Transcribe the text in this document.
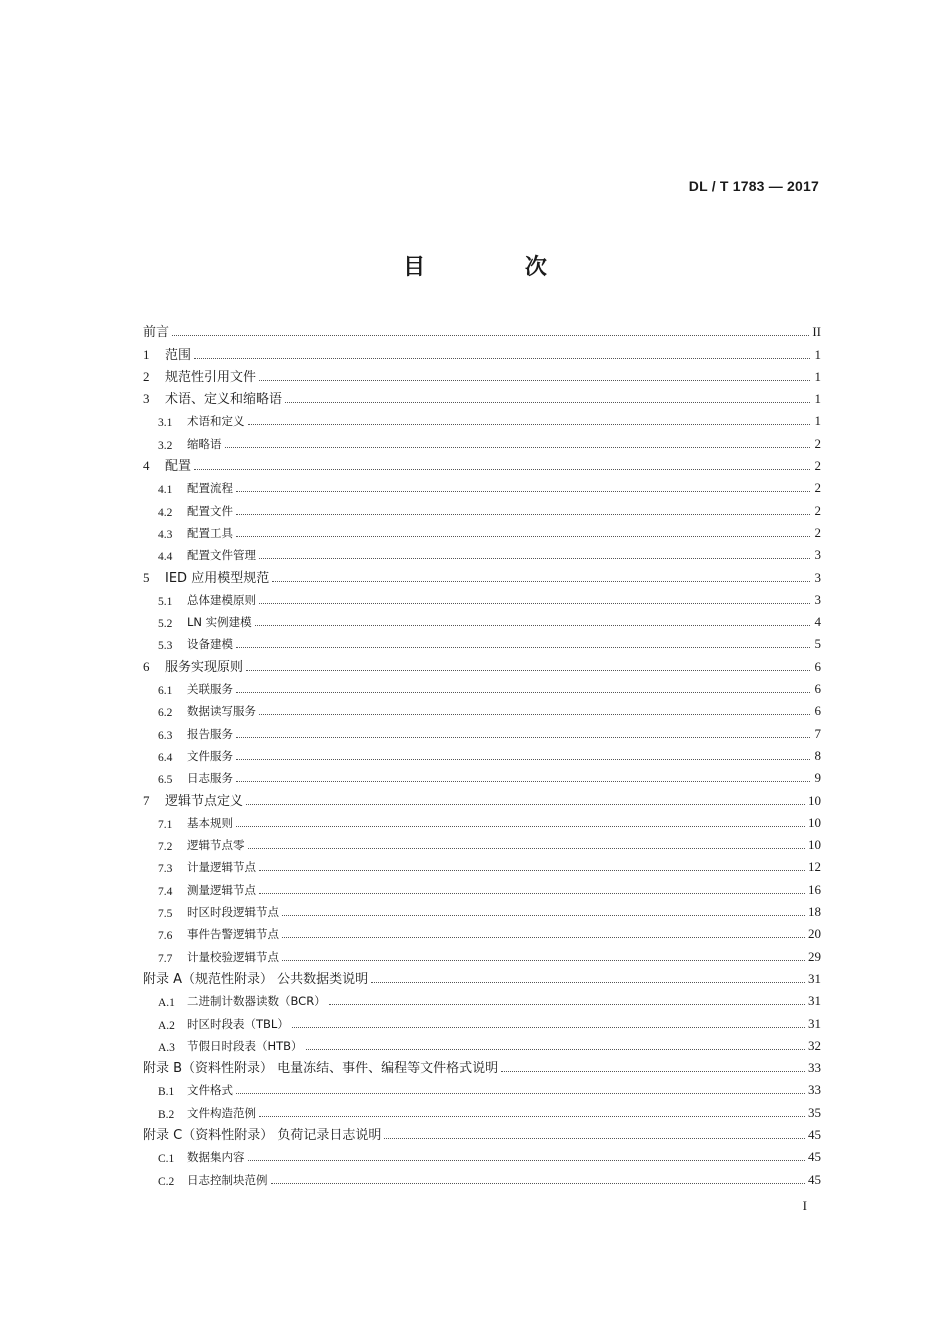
DL / T 1783 — 2017
目 次
前言	II
1	范围	1
2	规范性引用文件	1
3	术语、定义和缩略语	1
3.1	术语和定义	1
3.2	缩略语	2
4	配置	2
4.1	配置流程	2
4.2	配置文件	2
4.3	配置工具	2
4.4	配置文件管理	3
5	IED 应用模型规范	3
5.1	总体建模原则	3
5.2	LN 实例建模	4
5.3	设备建模	5
6	服务实现原则	6
6.1	关联服务	6
6.2	数据读写服务	6
6.3	报告服务	7
6.4	文件服务	8
6.5	日志服务	9
7	逻辑节点定义	10
7.1	基本规则	10
7.2	逻辑节点零	10
7.3	计量逻辑节点	12
7.4	测量逻辑节点	16
7.5	时区时段逻辑节点	18
7.6	事件告警逻辑节点	20
7.7	计量校验逻辑节点	29
附录 A（规范性附录） 公共数据类说明	31
A.1	二进制计数器读数（BCR）	31
A.2	时区时段表（TBL）	31
A.3	节假日时段表（HTB）	32
附录 B（资料性附录） 电量冻结、事件、编程等文件格式说明	33
B.1	文件格式	33
B.2	文件构造范例	35
附录 C（资料性附录） 负荷记录日志说明	45
C.1	数据集内容	45
C.2	日志控制块范例	45
I
